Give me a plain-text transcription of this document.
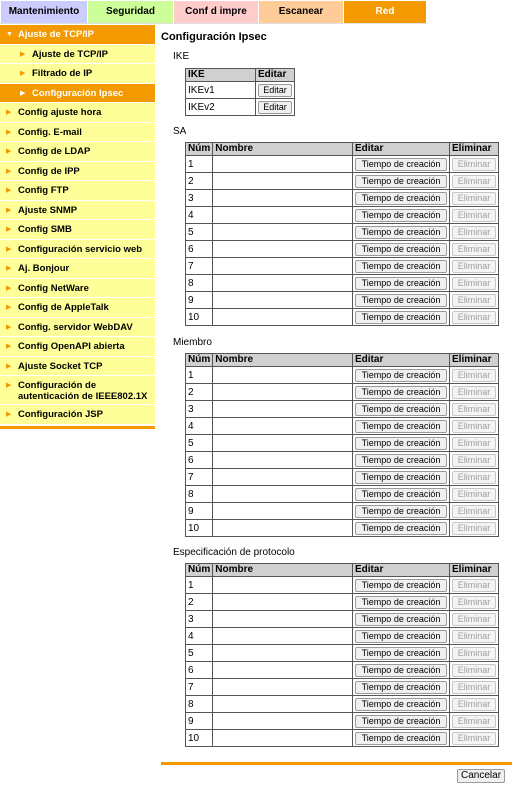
Mantenimiento	Seguridad	Conf d impre	Escanear	Red
▼ Ajuste de TCP/IP
▶ Ajuste de TCP/IP
▶ Filtrado de IP
▶ Configuración Ipsec
▶ Config ajuste hora
▶ Config. E-mail
▶ Config de LDAP
▶ Config de IPP
▶ Config FTP
▶ Ajuste SNMP
▶ Config SMB
▶ Configuración servicio web
▶ Aj. Bonjour
▶ Config NetWare
▶ Config de AppleTalk
▶ Config. servidor WebDAV
▶ Config OpenAPI abierta
▶ Ajuste Socket TCP
▶ Configuración de autenticación de IEEE802.1X
▶ Configuración JSP
Configuración Ipsec
IKE
IKE	Editar
IKEv1	Editar
IKEv2	Editar
SA
Núm	Nombre	Editar	Eliminar
1		Tiempo de creación	Eliminar
2		Tiempo de creación	Eliminar
3		Tiempo de creación	Eliminar
4		Tiempo de creación	Eliminar
5		Tiempo de creación	Eliminar
6		Tiempo de creación	Eliminar
7		Tiempo de creación	Eliminar
8		Tiempo de creación	Eliminar
9		Tiempo de creación	Eliminar
10		Tiempo de creación	Eliminar
Miembro
Núm	Nombre	Editar	Eliminar
1		Tiempo de creación	Eliminar
2		Tiempo de creación	Eliminar
3		Tiempo de creación	Eliminar
4		Tiempo de creación	Eliminar
5		Tiempo de creación	Eliminar
6		Tiempo de creación	Eliminar
7		Tiempo de creación	Eliminar
8		Tiempo de creación	Eliminar
9		Tiempo de creación	Eliminar
10		Tiempo de creación	Eliminar
Especificación de protocolo
Núm	Nombre	Editar	Eliminar
1		Tiempo de creación	Eliminar
2		Tiempo de creación	Eliminar
3		Tiempo de creación	Eliminar
4		Tiempo de creación	Eliminar
5		Tiempo de creación	Eliminar
6		Tiempo de creación	Eliminar
7		Tiempo de creación	Eliminar
8		Tiempo de creación	Eliminar
9		Tiempo de creación	Eliminar
10		Tiempo de creación	Eliminar
Cancelar
